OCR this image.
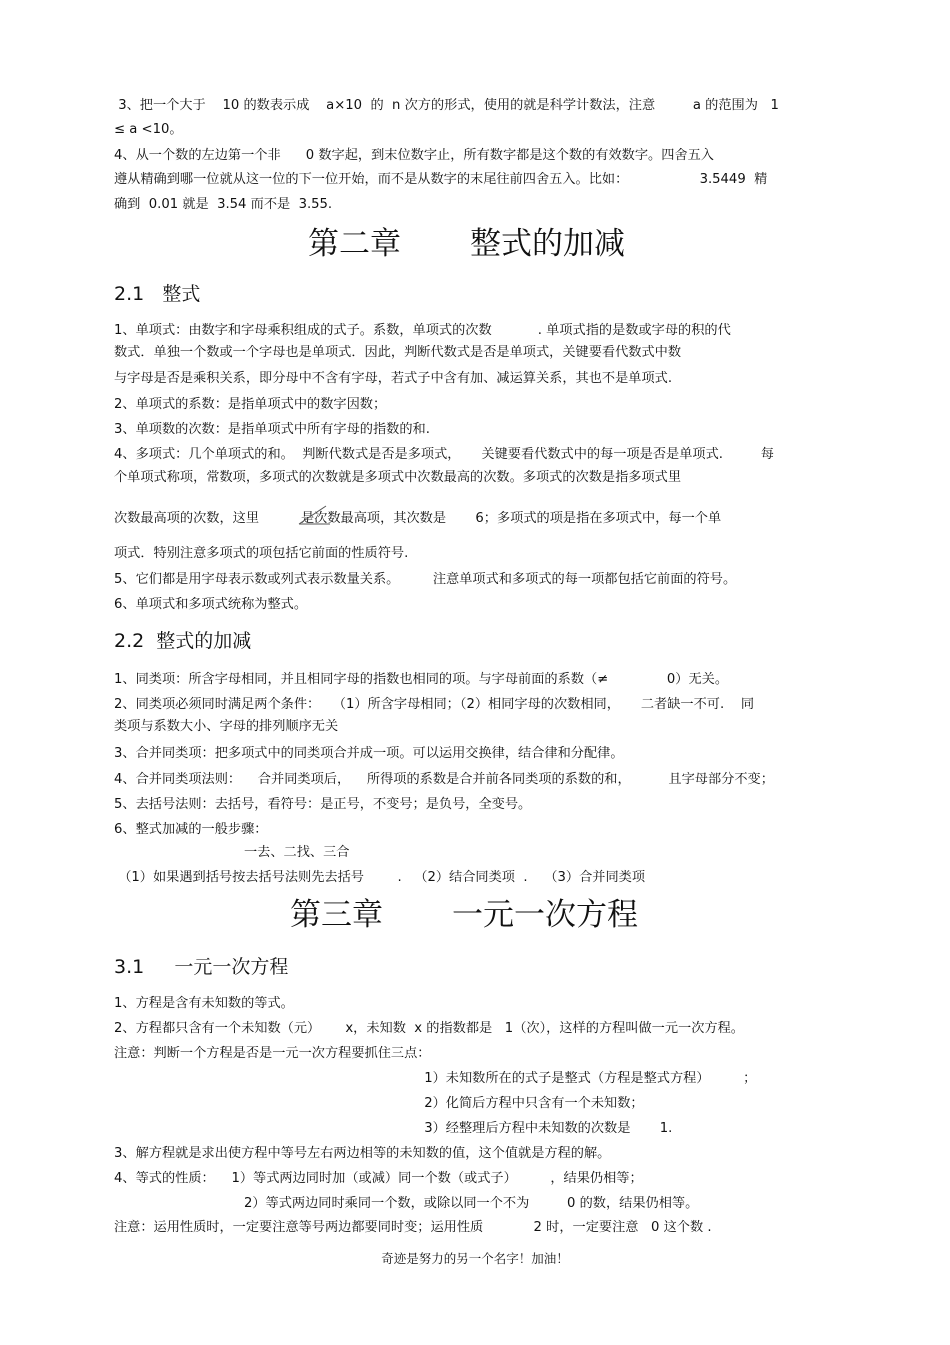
3、把一个大于    10 的数表示成    a×10  的  n 次方的形式，使用的就是科学计数法，注意         a 的范围为   1
≤ a <10。
4、从一个数的左边第一个非      0 数字起，到末位数字止，所有数字都是这个数的有效数字。四舍五入
遵从精确到哪一位就从这一位的下一位开始，而不是从数字的末尾往前四舍五入。比如：                 3.5449  精
确到  0.01 就是  3.54 而不是  3.55.
第二章       整式的加减
2.1   整式
1、单项式：由数字和字母乘积组成的式子。系数，单项式的次数           . 单项式指的是数或字母的积的代
数式．单独一个数或一个字母也是单项式．因此，判断代数式是否是单项式，关键要看代数式中数
与字母是否是乘积关系，即分母中不含有字母，若式子中含有加、减运算关系，其也不是单项式.
2、单项式的系数：是指单项式中的数字因数；
3、单项数的次数：是指单项式中所有字母的指数的和.
4、多项式：几个单项式的和。  判断代数式是否是多项式，     关键要看代数式中的每一项是否是单项式.         每
个单项式称项，常数项，多项式的次数就是多项式中次数最高的次数。多项式的次数是指多项式里
次数最高项的次数，这里          是次数最高项，其次数是       6；多项式的项是指在多项式中，每一个单
项式．特别注意多项式的项包括它前面的性质符号.
5、它们都是用字母表示数或列式表示数量关系。        注意单项式和多项式的每一项都包括它前面的符号。
6、单项式和多项式统称为整式。
2.2  整式的加减
1、同类项：所含字母相同，并且相同字母的指数也相同的项。与字母前面的系数（≠              0）无关。
2、同类项必须同时满足两个条件：   （1）所含字母相同；（2）相同字母的次数相同，     二者缺一不可.    同
类项与系数大小、字母的排列顺序无关
3、合并同类项：把多项式中的同类项合并成一项。可以运用交换律，结合律和分配律。
4、合并同类项法则：    合并同类项后，    所得项的系数是合并前各同类项的系数的和，         且字母部分不变；
5、去括号法则：去括号，看符号：是正号，不变号；是负号，全变号。
6、整式加减的一般步骤：
一去、二找、三合
（1）如果遇到括号按去括号法则先去括号        .   （2）结合同类项  .    （3）合并同类项
第三章       一元一次方程
3.1     一元一次方程
1、方程是含有未知数的等式。
2、方程都只含有一个未知数（元）      x，未知数  x 的指数都是   1（次），这样的方程叫做一元一次方程。
注意：判断一个方程是否是一元一次方程要抓住三点：
1）未知数所在的式子是整式（方程是整式方程）        ；
2）化简后方程中只含有一个未知数；
3）经整理后方程中未知数的次数是       1.
3、解方程就是求出使方程中等号左右两边相等的未知数的值，这个值就是方程的解。
4、等式的性质：    1）等式两边同时加（或减）同一个数（或式子）        ，结果仍相等；
2）等式两边同时乘同一个数，或除以同一个不为         0 的数，结果仍相等。
注意：运用性质时，一定要注意等号两边都要同时变；运用性质            2 时，一定要注意   0 这个数 .
奇迹是努力的另一个名字！加油！
